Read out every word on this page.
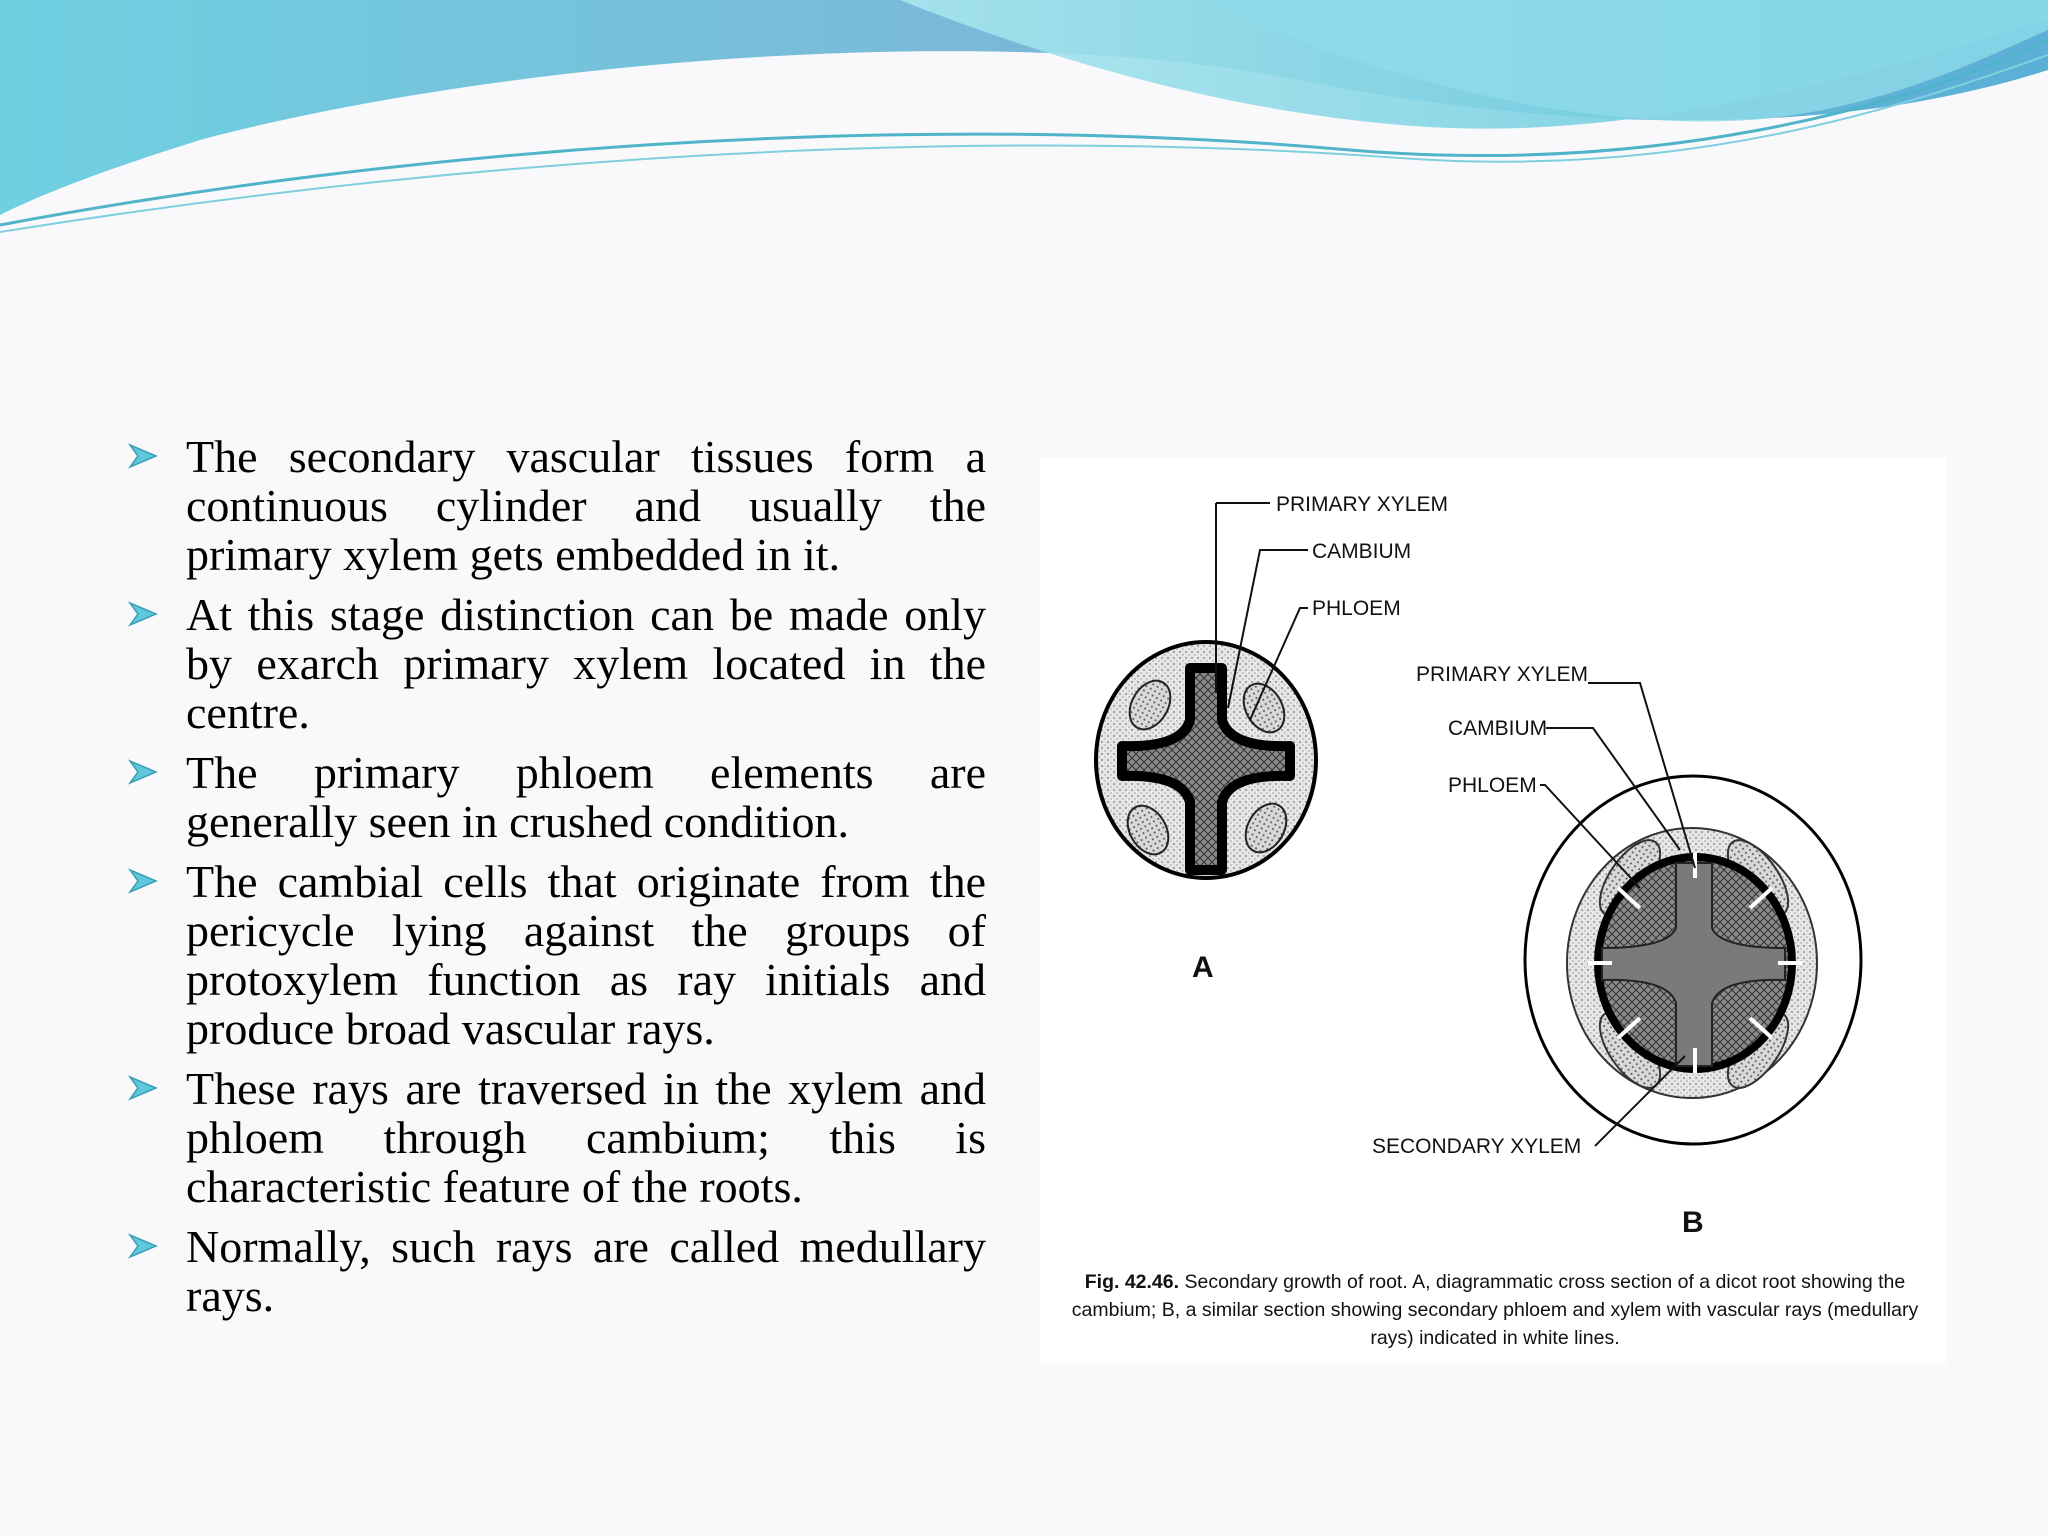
The secondary vascular tissues form a continuous cylinder and usually the primary xylem gets embedded in it.
At this stage distinction can be made only by exarch primary xylem located in the centre.
The primary phloem elements are generally seen in crushed condition.
The cambial cells that originate from the pericycle lying against the groups of protoxylem function as ray initials and produce broad vascular rays.
These rays are traversed in the xylem and phloem through cambium; this is characteristic feature of the roots.
Normally, such rays are called medullary rays.
A
PRIMARY XYLEM
CAMBIUM
PHLOEM
B
PRIMARY XYLEM
CAMBIUM
PHLOEM
SECONDARY XYLEM
Fig. 42.46. Secondary growth of root. A, diagrammatic cross section of a dicot root showing the cambium; B, a similar section showing secondary phloem and xylem with vascular rays (medullary rays) indicated in white lines.
